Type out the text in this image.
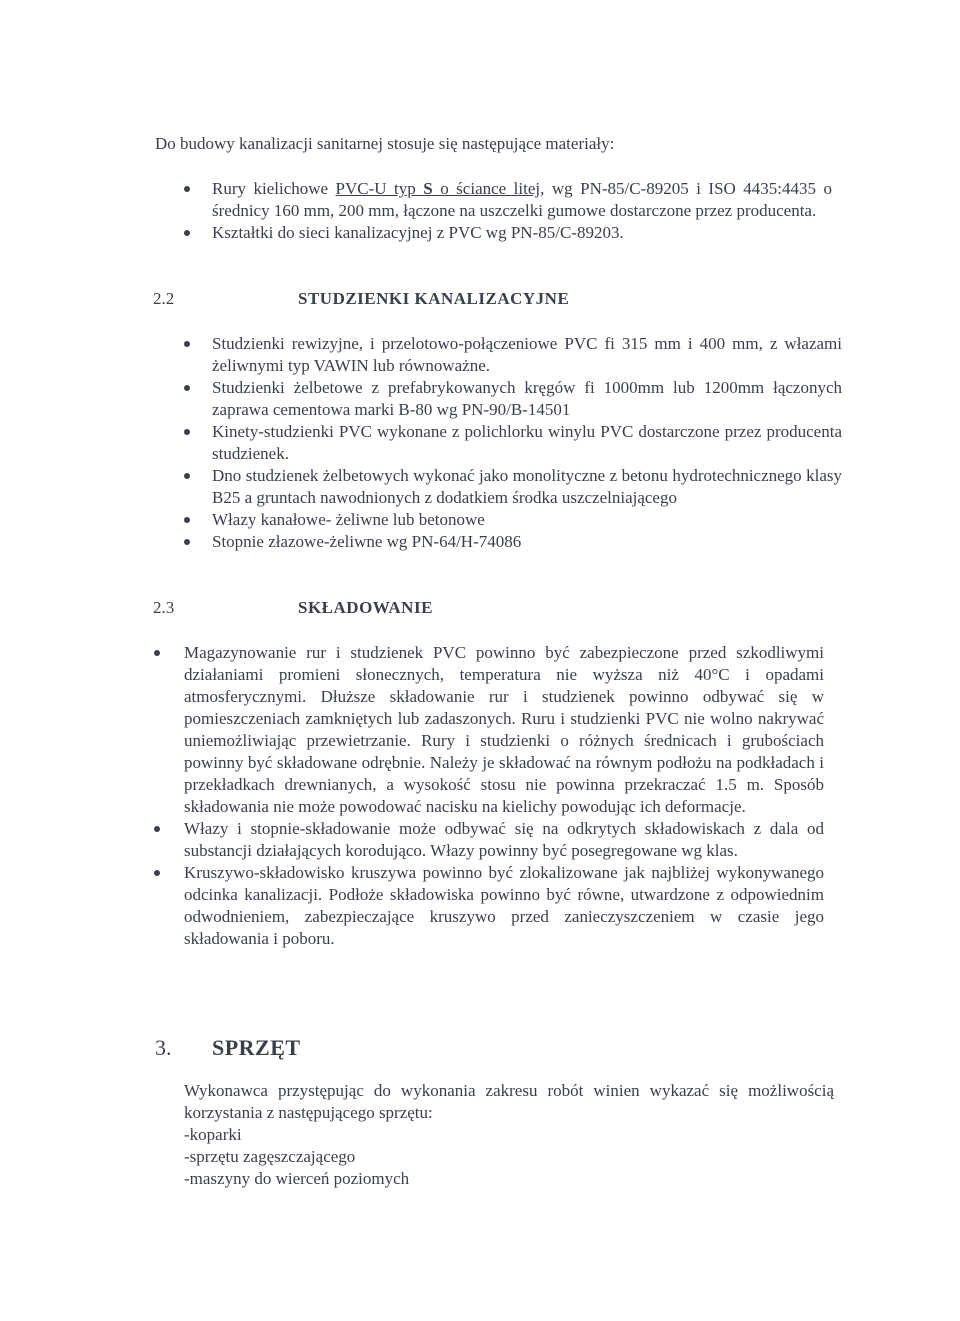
Do budowy kanalizacji sanitarnej stosuje się następujące materiały:
Rury kielichowe PVC-U typ S o ściance litej, wg PN-85/C-89205 i ISO 4435:4435 o średnicy 160 mm, 200 mm, łączone na uszczelki gumowe dostarczone przez producenta.
Kształtki do sieci kanalizacyjnej z PVC wg PN-85/C-89203.
2.2	STUDZIENKI KANALIZACYJNE
Studzienki rewizyjne, i przelotowo-połączeniowe PVC fi 315 mm i 400 mm, z włazami żeliwnymi typ VAWIN lub równoważne.
Studzienki żelbetowe z prefabrykowanych kręgów fi 1000mm lub 1200mm łączonych zaprawa cementowa marki B-80 wg PN-90/B-14501
Kinety-studzienki PVC wykonane z polichlorku winylu PVC dostarczone przez producenta studzienek.
Dno studzienek żelbetowych wykonać jako monolityczne z betonu hydrotechnicznego klasy B25 a gruntach nawodnionych z dodatkiem środka uszczelniającego
Włazy kanałowe- żeliwne lub betonowe
Stopnie złazowe-żeliwne wg PN-64/H-74086
2.3	SKŁADOWANIE
Magazynowanie rur i studzienek PVC powinno być zabezpieczone przed szkodliwymi działaniami promieni słonecznych, temperatura nie wyższa niż 40°C i opadami atmosferycznymi. Dłuższe składowanie rur i studzienek powinno odbywać się w pomieszczeniach zamkniętych lub zadaszonych. Ruru i studzienki PVC nie wolno nakrywać uniemożliwiając przewietrzanie. Rury i studzienki o różnych średnicach i grubościach powinny być składowane odrębnie. Należy je składować na równym podłożu na podkładach i przekładkach drewnianych, a wysokość stosu nie powinna przekraczać 1.5 m. Sposób składowania nie może powodować nacisku na kielichy powodując ich deformacje.
Włazy i stopnie-składowanie może odbywać się na odkrytych składowiskach z dala od substancji działających korodująco. Włazy powinny być posegregowane wg klas.
Kruszywo-składowisko kruszywa powinno być zlokalizowane jak najbliżej wykonywanego odcinka kanalizacji. Podłoże składowiska powinno być równe, utwardzone z odpowiednim odwodnieniem, zabezpieczające kruszywo przed zanieczyszczeniem w czasie jego składowania i poboru.
3. SPRZĘT
Wykonawca przystępując do wykonania zakresu robót winien wykazać się możliwością korzystania z następującego sprzętu:
-koparki
-sprzętu zagęszczającego
-maszyny do wierceń poziomych
